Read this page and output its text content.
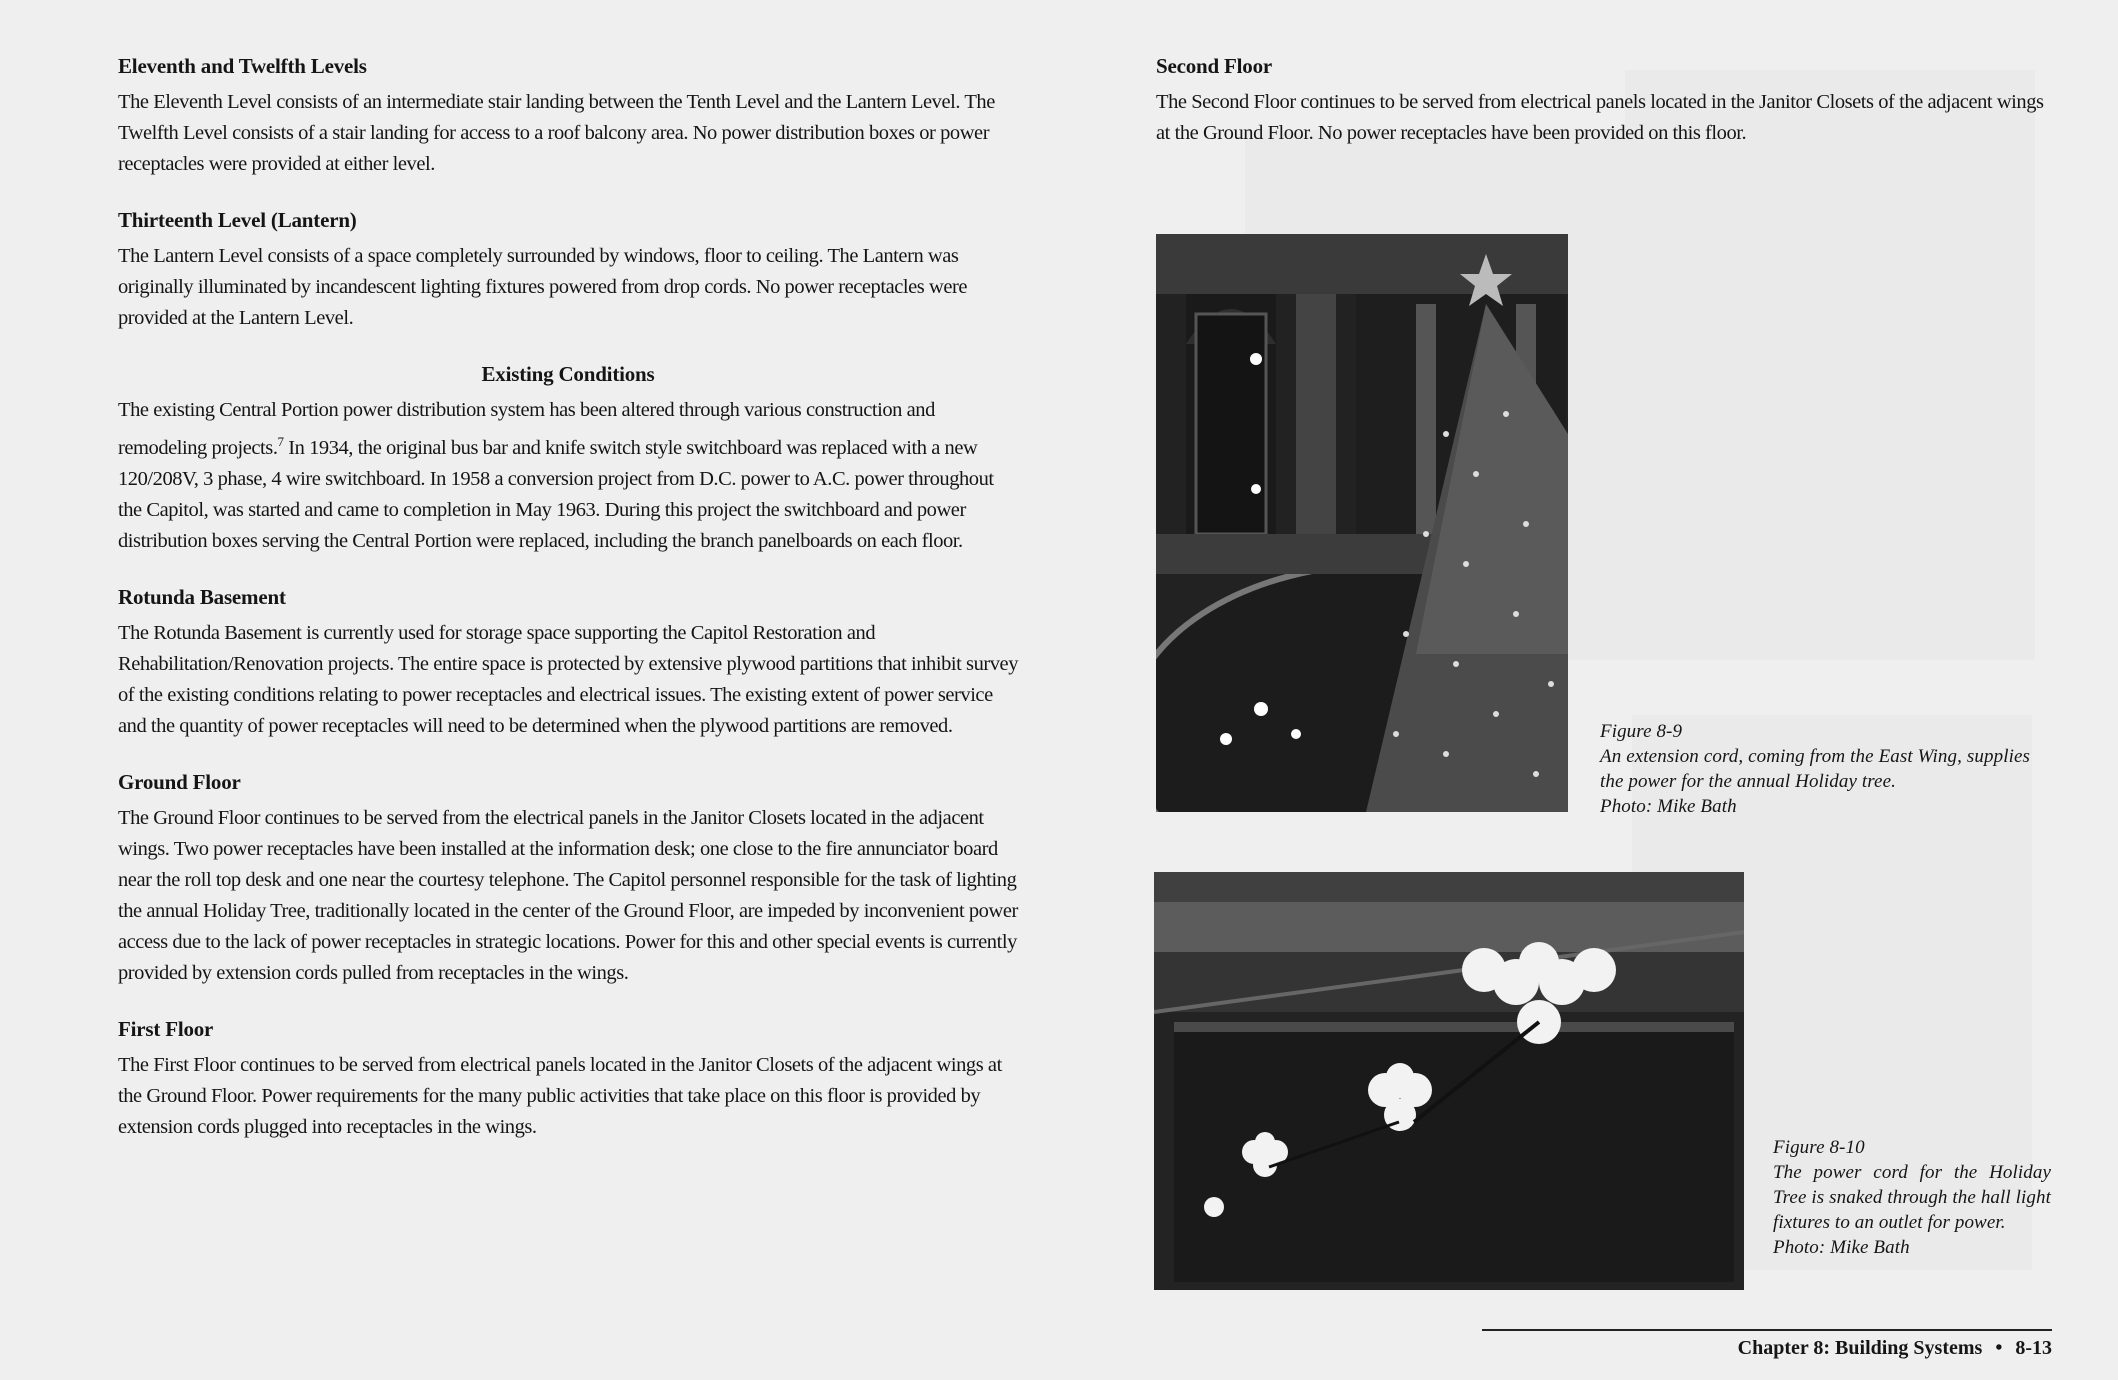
Eleventh and Twelfth Levels

The Eleventh Level consists of an intermediate stair landing between the Tenth Level and the Lantern Level. The Twelfth Level consists of a stair landing for access to a roof balcony area. No power distribution boxes or power receptacles were provided at either level.

Thirteenth Level (Lantern)

The Lantern Level consists of a space completely surrounded by windows, floor to ceiling. The Lantern was originally illuminated by incandescent lighting fixtures powered from drop cords. No power receptacles were provided at the Lantern Level.

Existing Conditions

The existing Central Portion power distribution system has been altered through various construction and remodeling projects.$^7$ In 1934, the original bus bar and knife switch style switchboard was replaced with a new 120/208V, 3 phase, 4 wire switchboard. In 1958 a conversion project from D.C. power to A.C. power throughout the Capitol, was started and came to completion in May 1963. During this project the switchboard and power distribution boxes serving the Central Portion were replaced, including the branch panelboards on each floor.

Rotunda Basement

The Rotunda Basement is currently used for storage space supporting the Capitol Restoration and Rehabilitation/Renovation projects. The entire space is protected by extensive plywood partitions that inhibit survey of the existing conditions relating to power receptacles and electrical issues. The existing extent of power service and the quantity of power receptacles will need to be determined when the plywood partitions are removed.

Ground Floor

The Ground Floor continues to be served from the electrical panels in the Janitor Closets located in the adjacent wings. Two power receptacles have been installed at the information desk; one close to the fire annunciator board near the roll top desk and one near the courtesy telephone. The Capitol personnel responsible for the task of lighting the annual Holiday Tree, traditionally located in the center of the Ground Floor, are impeded by inconvenient power access due to the lack of power receptacles in strategic locations. Power for this and other special events is currently provided by extension cords pulled from receptacles in the wings.

First Floor

The First Floor continues to be served from electrical panels located in the Janitor Closets of the adjacent wings at the Ground Floor. Power requirements for the many public activities that take place on this floor is provided by extension cords plugged into receptacles in the wings.

Second Floor

The Second Floor continues to be served from electrical panels located in the Janitor Closets of the adjacent wings at the Ground Floor. No power receptacles have been provided on this floor.

Figure 8-9
An extension cord, coming from the East Wing, supplies the power for the annual Holiday tree.
Photo: Mike Bath
Figure 8-10
The power cord for the Holiday Tree is snaked through the hall light fixtures to an outlet for power.
Photo: Mike Bath
Chapter 8: Building Systems • 8-13
